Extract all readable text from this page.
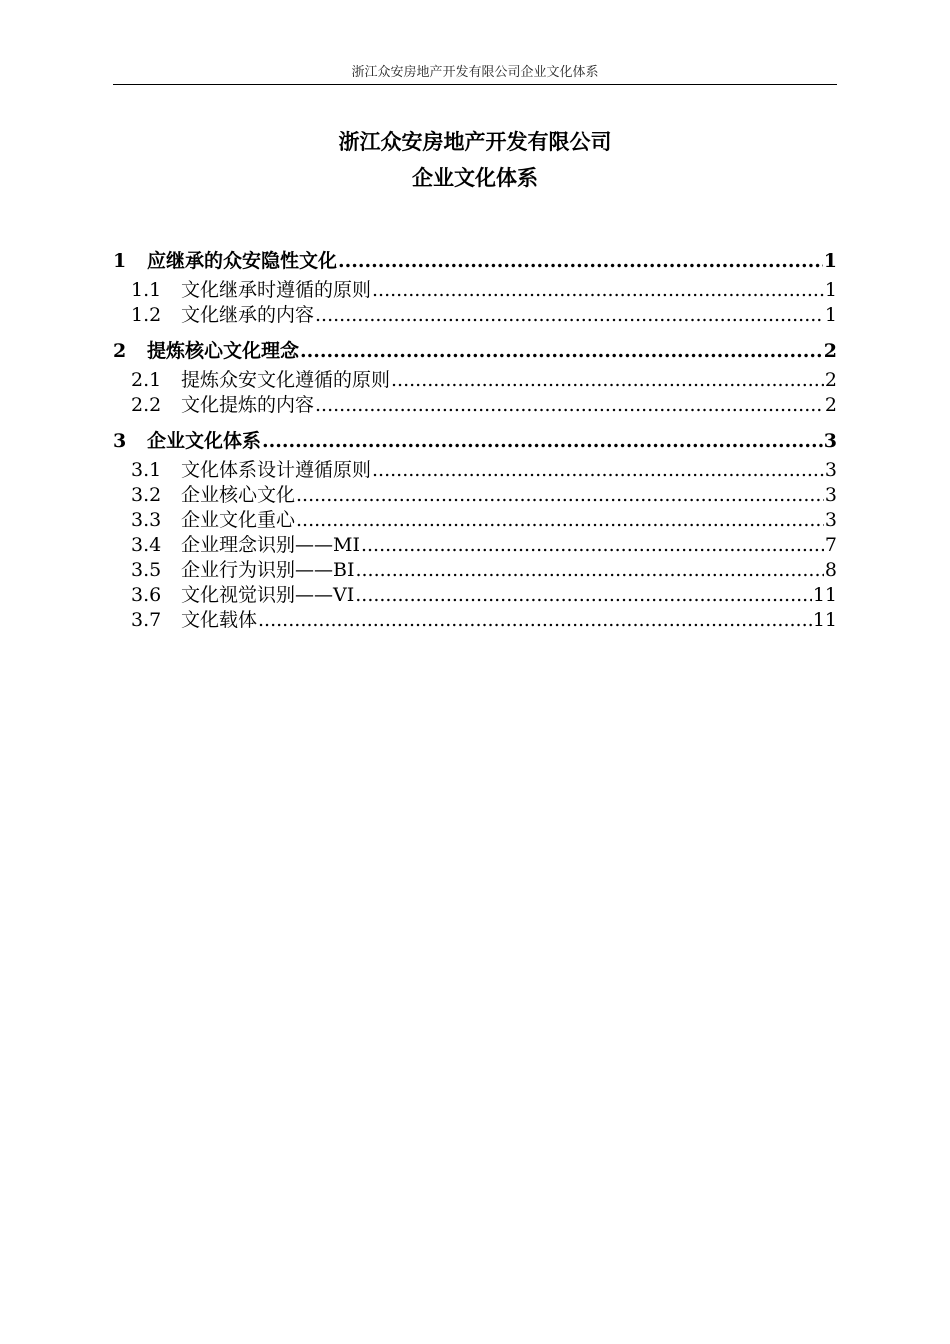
浙江众安房地产开发有限公司企业文化体系
浙江众安房地产开发有限公司
企业文化体系
1	应继承的众安隐性文化 .....	1
1.1	文化继承时遵循的原则 .....	1
1.2	文化继承的内容 .....	1
2	提炼核心文化理念 .....	2
2.1	提炼众安文化遵循的原则 .....	2
2.2	文化提炼的内容 .....	2
3	企业文化体系 .....	3
3.1	文化体系设计遵循原则 .....	3
3.2	企业核心文化 .....	3
3.3	企业文化重心 .....	3
3.4	企业理念识别——MI .....	7
3.5	企业行为识别——BI .....	8
3.6	文化视觉识别——VI .....	11
3.7	文化载体 .....	11
